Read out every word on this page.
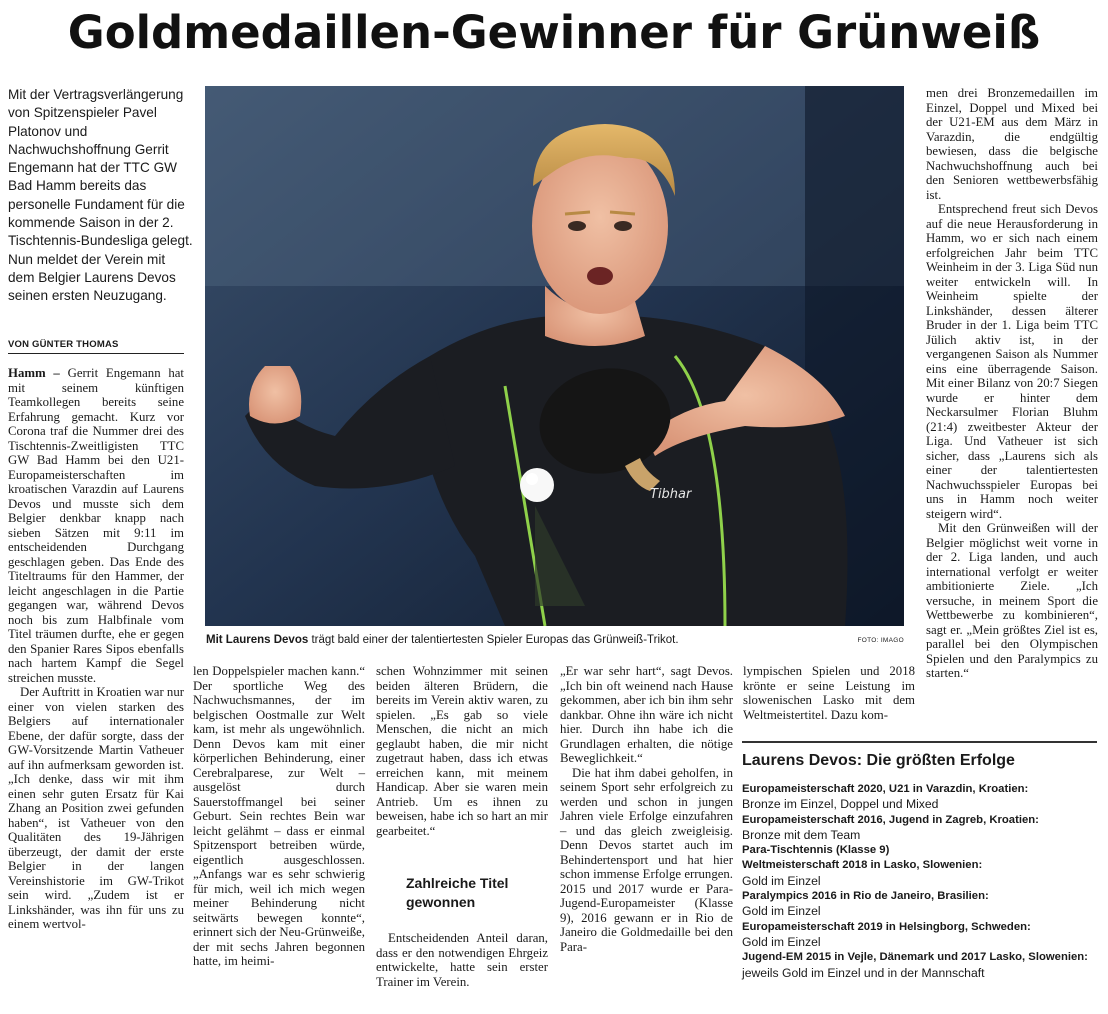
Goldmedaillen-Gewinner für Grünweiß

Mit der Vertragsverlängerung von Spitzenspieler Pavel Platonov und Nachwuchshoffnung Gerrit Engemann hat der TTC GW Bad Hamm bereits das personelle Fundament für die kommende Saison in der 2. Tischtennis-Bundesliga gelegt. Nun meldet der Verein mit dem Belgier Laurens Devos seinen ersten Neuzugang.

VON GÜNTER THOMAS

Hamm – Gerrit Engemann hat mit seinem künftigen Teamkollegen bereits seine Erfahrung gemacht. Kurz vor Corona traf die Nummer drei des Tischtennis-Zweitligisten TTC GW Bad Hamm bei den U21-Europameisterschaften im kroatischen Varazdin auf Laurens Devos und musste sich dem Belgier denkbar knapp nach sieben Sätzen mit 9:11 im entscheidenden Durchgang geschlagen geben. Das Ende des Titeltraums für den Hammer, der leicht angeschlagen in die Partie gegangen war, während Devos noch bis zum Halbfinale vom Titel träumen durfte, ehe er gegen den Spanier Rares Sipos ebenfalls nach hartem Kampf die Segel streichen musste.

Der Auftritt in Kroatien war nur einer von vielen starken des Belgiers auf internationaler Ebene, der dafür sorgte, dass der GW-Vorsitzende Martin Vatheuer auf ihn aufmerksam geworden ist. „Ich denke, dass wir mit ihm einen sehr guten Ersatz für Kai Zhang an Position zwei gefunden haben“, ist Vatheuer von den Qualitäten des 19-Jährigen überzeugt, der damit der erste Belgier in der langen Vereinshistorie im GW-Trikot sein wird. „Zudem ist er Linkshänder, was ihn für uns zu einem wertvol-

Tibhar
Mit Laurens Devos trägt bald einer der talentiertesten Spieler Europas das Grünweiß-Trikot.	FOTO: IMAGO

len Doppelspieler machen kann.“ Der sportliche Weg des Nachwuchsmannes, der im belgischen Oostmalle zur Welt kam, ist mehr als ungewöhnlich. Denn Devos kam mit einer körperlichen Behinderung, einer Cerebralparese, zur Welt – ausgelöst durch Sauerstoffmangel bei seiner Geburt. Sein rechtes Bein war leicht gelähmt – dass er einmal Spitzensport betreiben würde, eigentlich ausgeschlossen. „Anfangs war es sehr schwierig für mich, weil ich mich wegen meiner Behinderung nicht seitwärts bewegen konnte“, erinnert sich der Neu-Grünweiße, der mit sechs Jahren begonnen hatte, im heimi-

schen Wohnzimmer mit seinen beiden älteren Brüdern, die bereits im Verein aktiv waren, zu spielen. „Es gab so viele Menschen, die nicht an mich geglaubt haben, die mir nicht zugetraut haben, dass ich etwas erreichen kann, mit meinem Handicap. Aber sie waren mein Antrieb. Um es ihnen zu beweisen, habe ich so hart an mir gearbeitet.“

Zahlreiche Titel gewonnen

Entscheidenden Anteil daran, dass er den notwendigen Ehrgeiz entwickelte, hatte sein erster Trainer im Verein.

„Er war sehr hart“, sagt Devos. „Ich bin oft weinend nach Hause gekommen, aber ich bin ihm sehr dankbar. Ohne ihn wäre ich nicht hier. Durch ihn habe ich die Grundlagen erhalten, die nötige Beweglichkeit.“

Die hat ihm dabei geholfen, in seinem Sport sehr erfolgreich zu werden und schon in jungen Jahren viele Erfolge einzufahren – und das gleich zweigleisig. Denn Devos startet auch im Behindertensport und hat hier schon immense Erfolge errungen. 2015 und 2017 wurde er Para-Jugend-Europameister (Klasse 9), 2016 gewann er in Rio de Janeiro die Goldmedaille bei den Para-

lympischen Spielen und 2018 krönte er seine Leistung im slowenischen Lasko mit dem Weltmeistertitel. Dazu kom-

men drei Bronzemedaillen im Einzel, Doppel und Mixed bei der U21-EM aus dem März in Varazdin, die endgültig bewiesen, dass die belgische Nachwuchshoffnung auch bei den Senioren wettbewerbsfähig ist.

Entsprechend freut sich Devos auf die neue Herausforderung in Hamm, wo er sich nach einem erfolgreichen Jahr beim TTC Weinheim in der 3. Liga Süd nun weiter entwickeln will. In Weinheim spielte der Linkshänder, dessen älterer Bruder in der 1. Liga beim TTC Jülich aktiv ist, in der vergangenen Saison als Nummer eins eine überragende Saison. Mit einer Bilanz von 20:7 Siegen wurde er hinter dem Neckarsulmer Florian Bluhm (21:4) zweitbester Akteur der Liga. Und Vatheuer ist sich sicher, dass „Laurens sich als einer der talentiertesten Nachwuchsspieler Europas bei uns in Hamm noch weiter steigern wird“.

Mit den Grünweißen will der Belgier möglichst weit vorne in der 2. Liga landen, und auch international verfolgt er weiter ambitionierte Ziele. „Ich versuche, in meinem Sport die Wettbewerbe zu kombinieren“, sagt er. „Mein größtes Ziel ist es, parallel bei den Olympischen Spielen und den Paralympics zu starten.“

Laurens Devos: Die größten Erfolge
Europameisterschaft 2020, U21 in Varazdin, Kroatien:
Bronze im Einzel, Doppel und Mixed
Europameisterschaft 2016, Jugend in Zagreb, Kroatien:
Bronze mit dem Team
Para-Tischtennis (Klasse 9)
Weltmeisterschaft 2018 in Lasko, Slowenien:
Gold im Einzel
Paralympics 2016 in Rio de Janeiro, Brasilien:
Gold im Einzel
Europameisterschaft 2019 in Helsingborg, Schweden:
Gold im Einzel
Jugend-EM 2015 in Vejle, Dänemark und 2017 Lasko, Slowenien:
jeweils Gold im Einzel und in der Mannschaft
